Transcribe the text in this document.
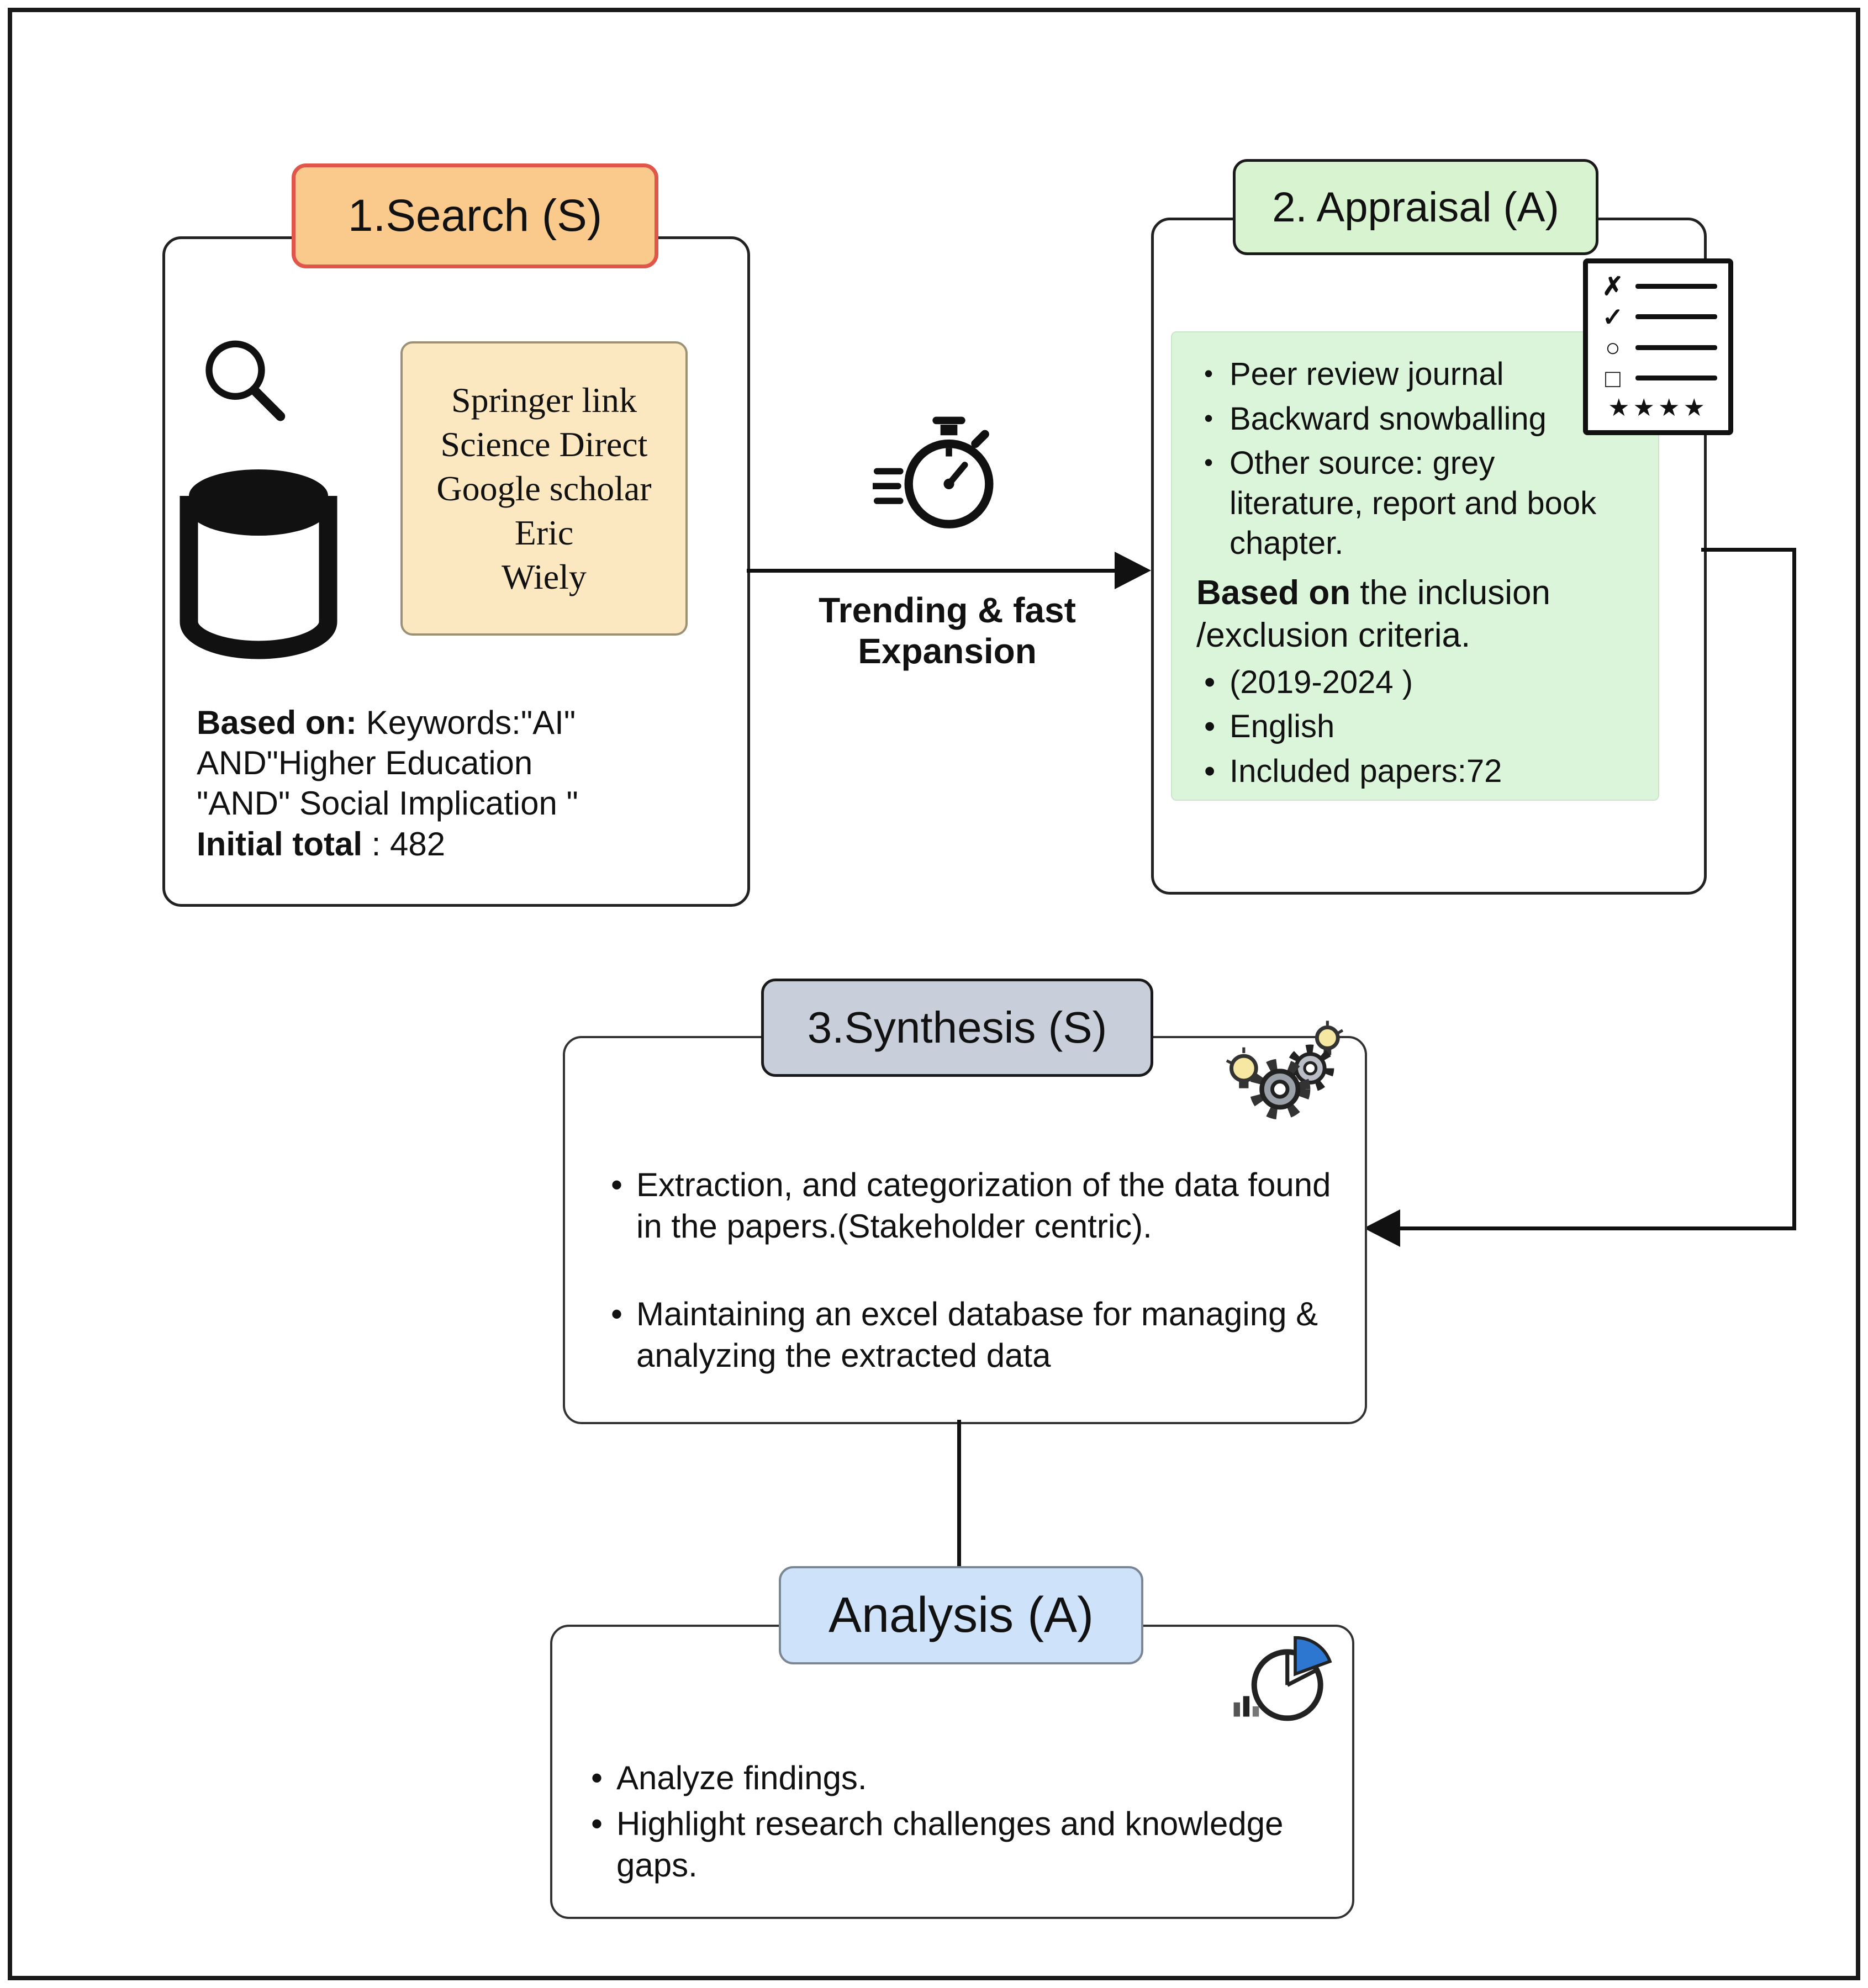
1.Search (S)
Springer link
Science Direct
Google scholar
Eric
Wiely

Based on: Keywords:"AI" AND"Higher Education

"AND" Social Implication "

Initial total : 482

Trending & fast Expansion
2. Appraisal (A)
✗
✓
○
□
★★★★
• Peer review journal
• Backward snowballing
• Other source: grey literature, report and book chapter.
Based on the inclusion
/exclusion criteria.
• (2019-2024 )
• English
• Included papers:72
3.Synthesis (S)
• Extraction, and categorization of the data found in the papers.(Stakeholder centric).
• Maintaining an excel database for managing & analyzing the extracted data
Analysis (A)
• Analyze findings.
• Highlight research challenges and knowledge gaps.
